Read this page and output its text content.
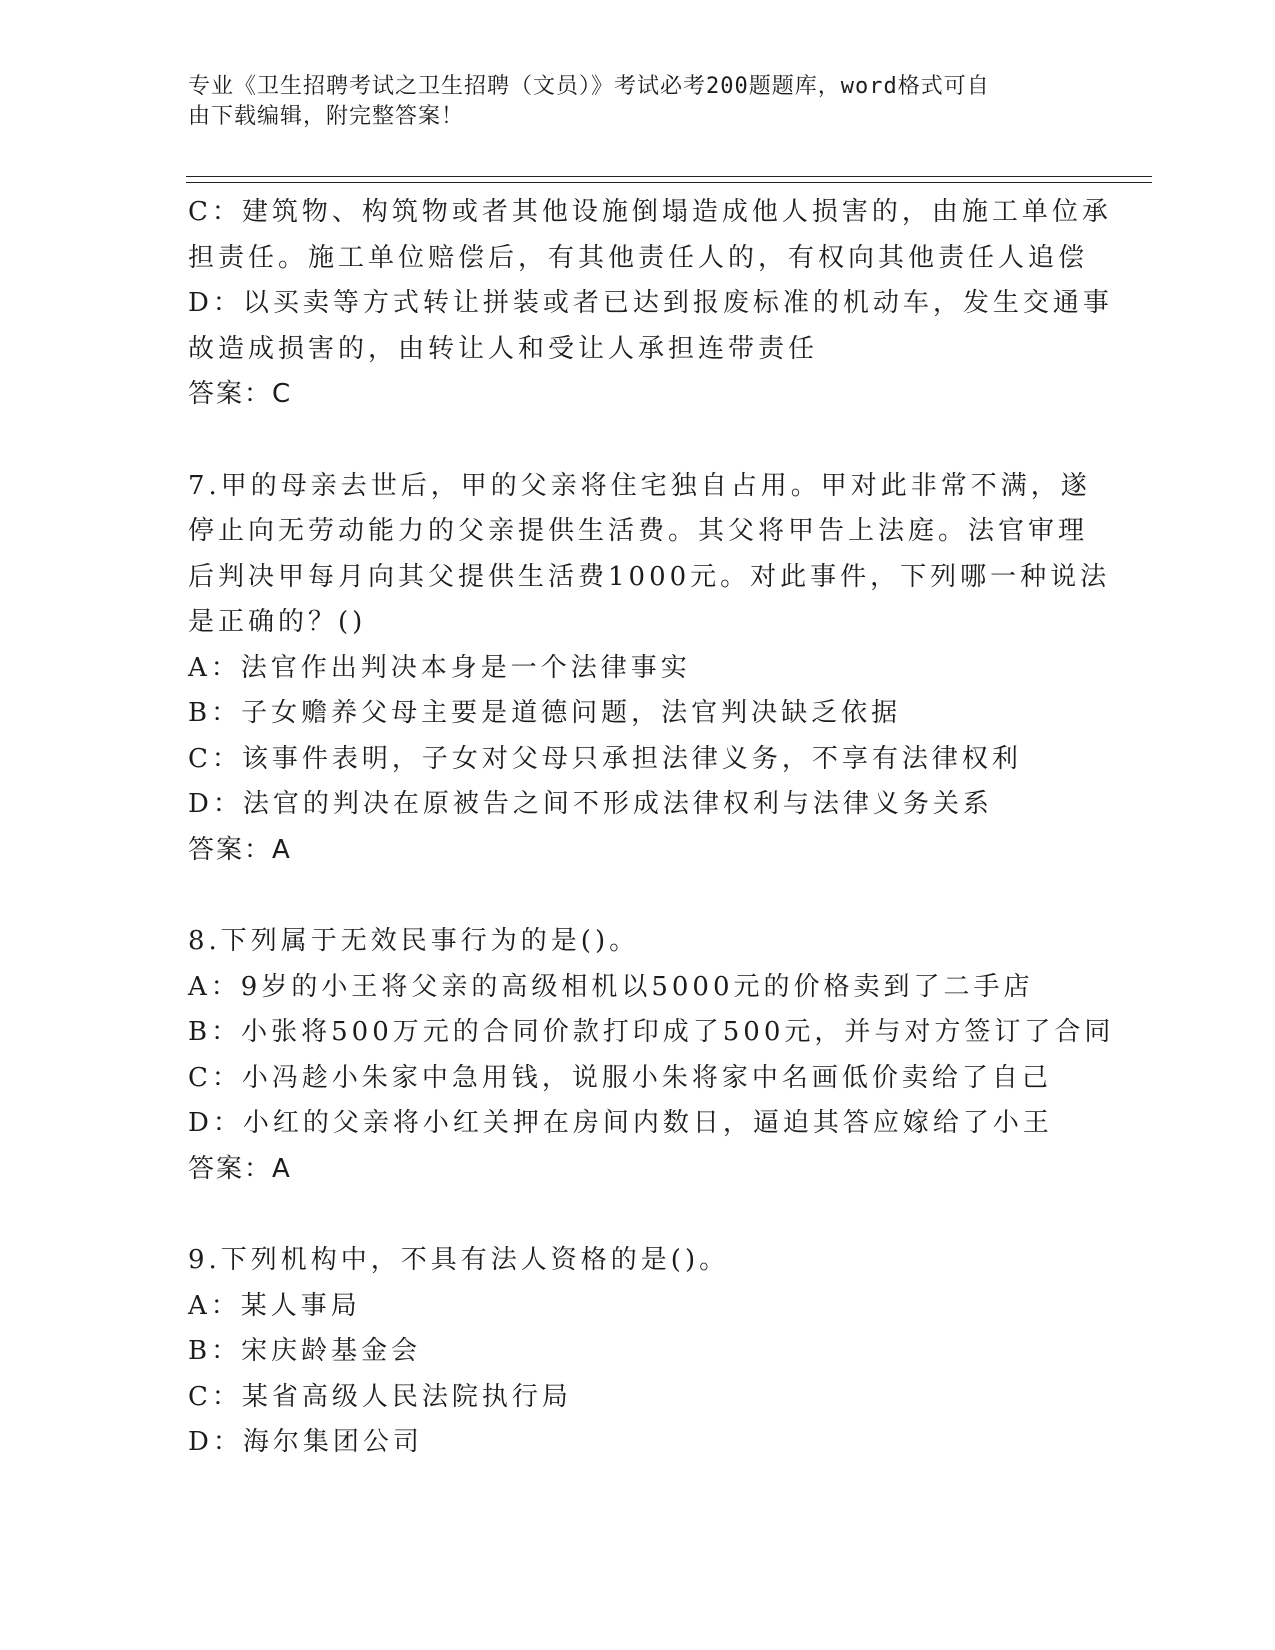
专业《卫生招聘考试之卫生招聘（文员）》考试必考200题题库，word格式可自
由下载编辑，附完整答案！
C：建筑物、构筑物或者其他设施倒塌造成他人损害的，由施工单位承
担责任。施工单位赔偿后，有其他责任人的，有权向其他责任人追偿
D：以买卖等方式转让拼装或者已达到报废标准的机动车，发生交通事
故造成损害的，由转让人和受让人承担连带责任
答案：C
7.甲的母亲去世后，甲的父亲将住宅独自占用。甲对此非常不满，遂
停止向无劳动能力的父亲提供生活费。其父将甲告上法庭。法官审理
后判决甲每月向其父提供生活费1000元。对此事件，下列哪一种说法
是正确的？()
A：法官作出判决本身是一个法律事实
B：子女赡养父母主要是道德问题，法官判决缺乏依据
C：该事件表明，子女对父母只承担法律义务，不享有法律权利
D：法官的判决在原被告之间不形成法律权利与法律义务关系
答案：A
8.下列属于无效民事行为的是()。
A：9岁的小王将父亲的高级相机以5000元的价格卖到了二手店
B：小张将500万元的合同价款打印成了500元，并与对方签订了合同
C：小冯趁小朱家中急用钱，说服小朱将家中名画低价卖给了自己
D：小红的父亲将小红关押在房间内数日，逼迫其答应嫁给了小王
答案：A
9.下列机构中，不具有法人资格的是()。
A：某人事局
B：宋庆龄基金会
C：某省高级人民法院执行局
D：海尔集团公司
